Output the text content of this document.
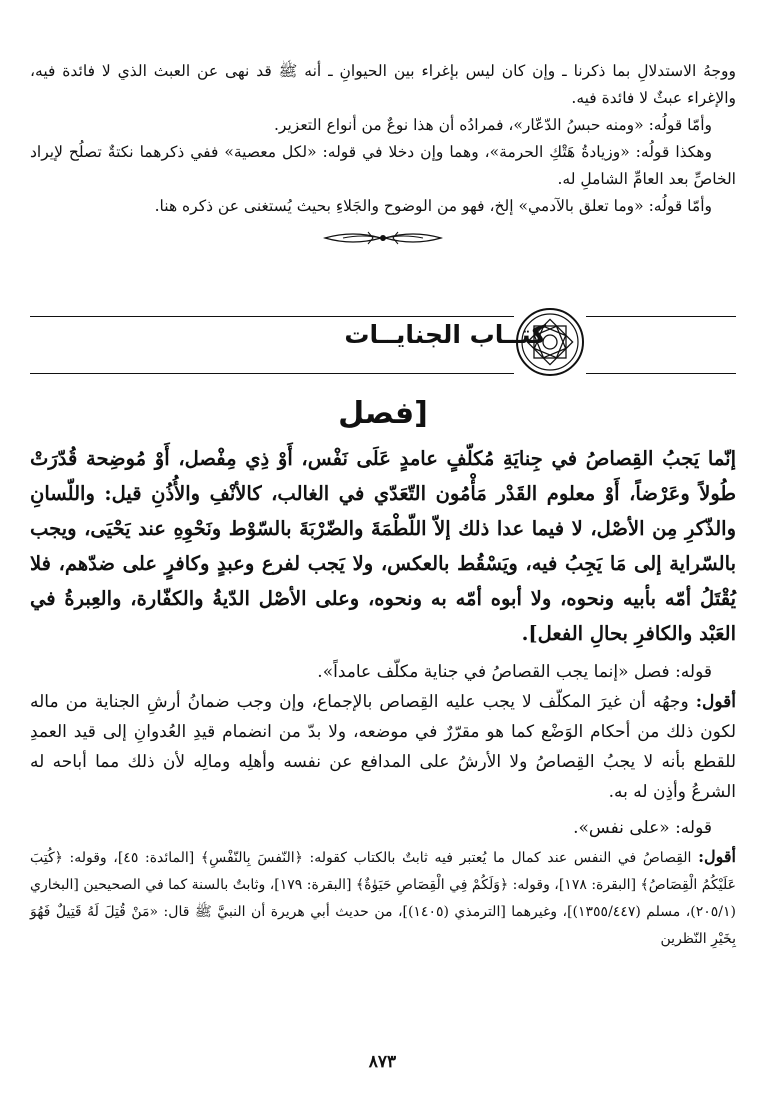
ووجهُ الاستدلالِ بما ذكرنا ـ وإن كان ليس بإغراء بين الحيوانِ ـ أنه ﷺ قد نهى عن العبث الذي لا فائدة فيه، والإغراء عبثٌ لا فائدة فيه.

وأمّا قولُه: «ومنه حبسُ الدّعّار»، فمرادُه أن هذا نوعٌ من أنواع التعزير.

وهكذا قولُه: «وزيادةُ هَتْكِ الحرمة»، وهما وإن دخلا في قوله: «لكل معصية» ففي ذكرهما نكتةٌ تصلُح لإيراد الخاصِّ بعد العامِّ الشاملِ له.

وأمّا قولُه: «وما تعلق بالآدمي» إلخ، فهو من الوضوح والجَلاءِ بحيث يُستغنى عن ذكره هنا.

كتــاب الجنايــات
[فصل

إنّما يَجبُ القِصاصُ في جِنايَةِ مُكلّفٍ عامدٍ عَلَى نَفْس، أَوْ ذِي مِفْصل، أَوْ مُوضِحة قُدّرَتْ طُولاً وعَرْضاً، أَوْ معلوم القَدْر مَأْمُون التّعَدّي في الغالب، كالأنْفِ والأُذُنِ قيل: واللّسانِ والذّكرِ مِن الأصْل، لا فيما عدا ذلك إلاّ اللّطْمَةَ والضّرْبَةَ بالسّوْط ونَحْوِهِ عند يَحْيَى، ويجب بالسّراية إلى مَا يَجِبُ فيه، ويَسْقُط بالعكس، ولا يَجب لفرع وعبدٍ وكافرٍ على ضدّهم، فلا يُقْتَلُ أمّه بأبيه ونحوه، ولا أبوه أمّه به ونحوه، وعلى الأصْل الدّيةُ والكفّارة، والعِبرةُ في العَبْد والكافرِ بحالِ الفعل].

قوله: فصل «إنما يجب القصاصُ في جناية مكلّف عامداً».

أقول: وجهُه أن غيرَ المكلّف لا يجب عليه القِصاص بالإجماع، وإن وجب ضمانُ أرشِ الجناية من ماله لكون ذلك من أحكام الوَضْع كما هو مقرّرٌ في موضعه، ولا بدّ من انضمام قيدِ العُدوانِ إلى قيد العمدِ للقطع بأنه لا يجبُ القِصاصُ ولا الأرشُ على المدافع عن نفسه وأهلِه ومالِه لأن ذلك مما أباحه له الشرعُ وأذِن له به.

قوله: «على نفس».

أقول: القِصاصُ في النفس عند كمال ما يُعتبر فيه ثابتٌ بالكتاب كقوله: ﴿النّفسَ بِالنّفْسِ﴾ [المائدة: ٤٥]، وقوله: ﴿كُتِبَ عَلَيْكُمُ الْقِصَاصُ﴾ [البقرة: ١٧٨]، وقوله: ﴿وَلَكُمْ فِي الْقِصَاصِ حَيَوٰةٌ﴾ [البقرة: ١٧٩]، وثابتٌ بالسنة كما في الصحيحين [البخاري (٢٠٥/١)، مسلم (١٣٥٥/٤٤٧)]، وغيرهما [الترمذي (١٤٠٥)]، من حديث أبي هريرة أن النبيَّ ﷺ قال: «مَنْ قُتِلَ لَهُ قَتِيلٌ فَهُوَ بِخَيْرِ النّظرين

٨٧٣
